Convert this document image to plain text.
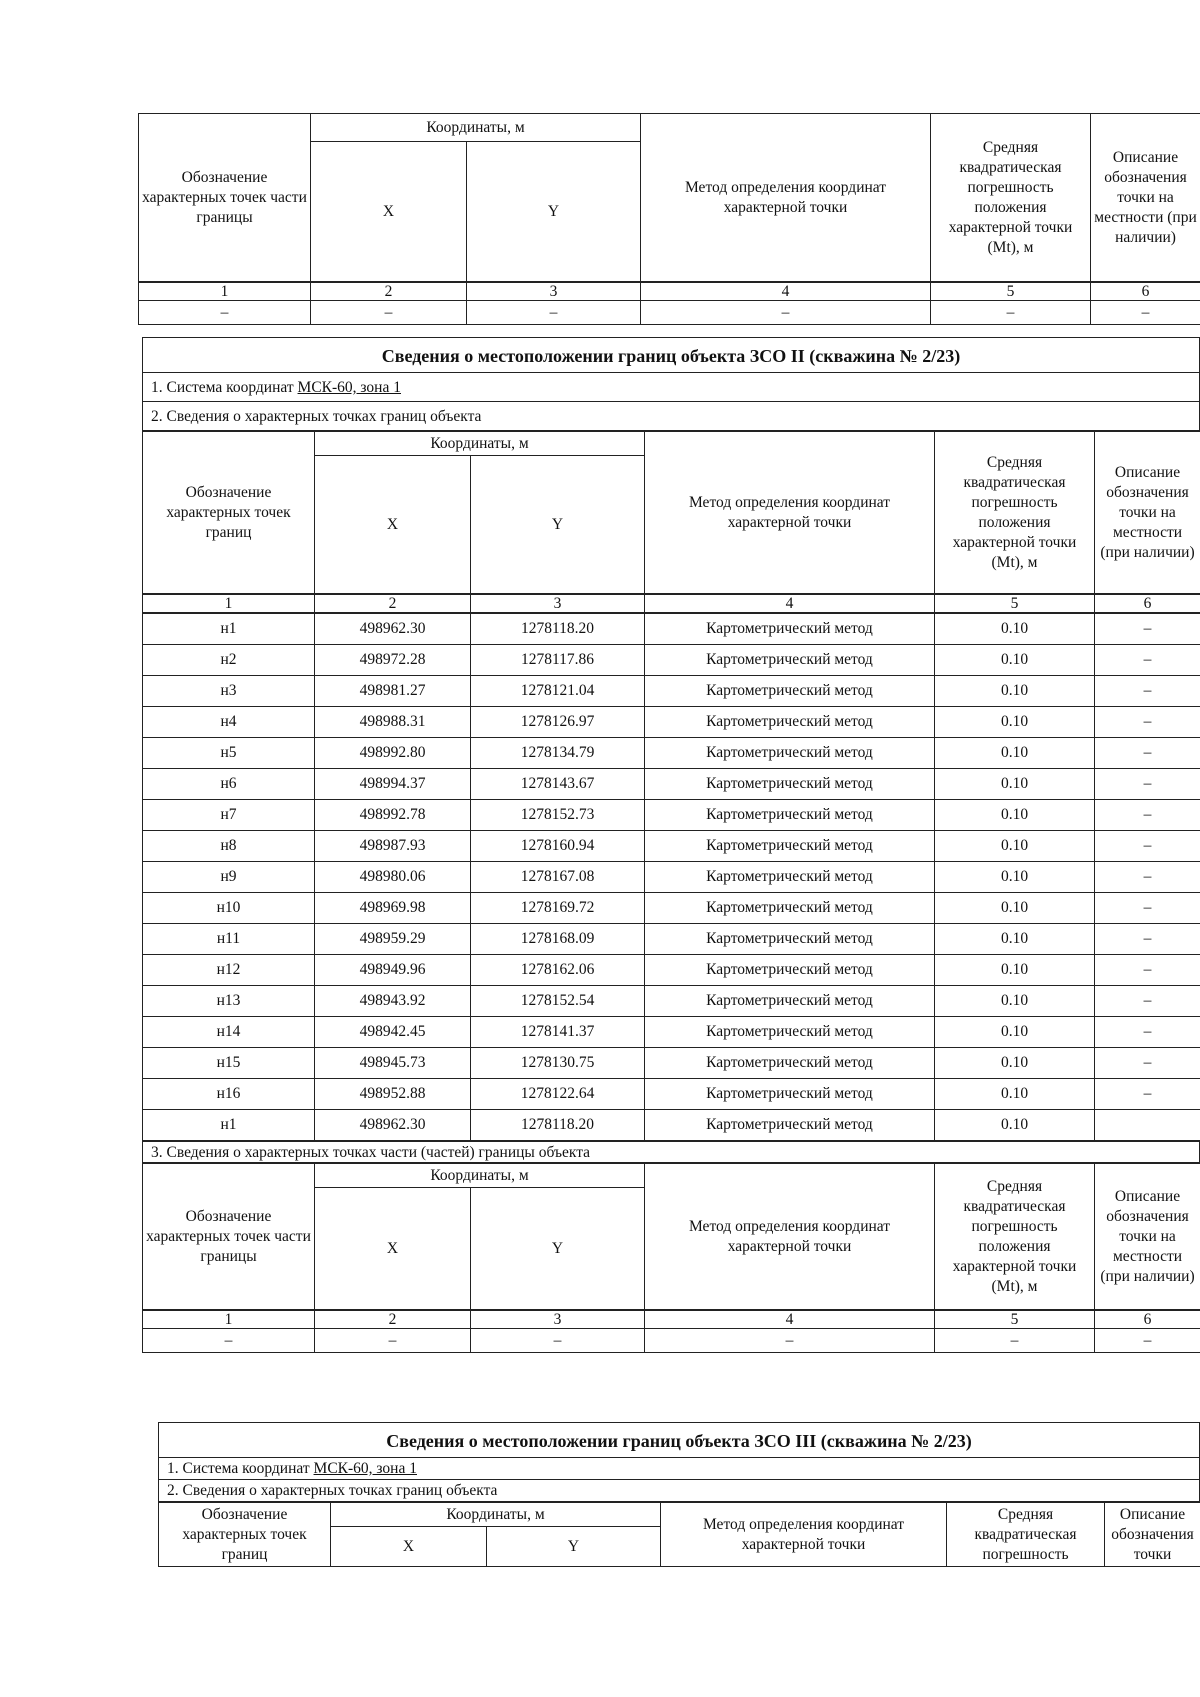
Обозначение характерных точек части границы	Координаты, м		Метод определения координат характерной точки	Средняя квадратическая погрешность положения характерной точки (Mt), м	Описание обозначения точки на местности (при наличии)
	X	Y			
1	2	3	4	5	6
–	–	–	–	–	–
Сведения о местоположении границ объекта ЗСО II (скважина № 2/23)
1. Система координат МСК-60, зона 1
2. Сведения о характерных точках границ объекта
Обозначение характерных точек границ	Координаты, м		Метод определения координат характерной точки	Средняя квадратическая погрешность положения характерной точки (Mt), м	Описание обозначения точки на местности (при наличии)
	X	Y			
1	2	3	4	5	6
н1	498962.30	1278118.20	Картометрический метод	0.10	–
н2	498972.28	1278117.86	Картометрический метод	0.10	–
н3	498981.27	1278121.04	Картометрический метод	0.10	–
н4	498988.31	1278126.97	Картометрический метод	0.10	–
н5	498992.80	1278134.79	Картометрический метод	0.10	–
н6	498994.37	1278143.67	Картометрический метод	0.10	–
н7	498992.78	1278152.73	Картометрический метод	0.10	–
н8	498987.93	1278160.94	Картометрический метод	0.10	–
н9	498980.06	1278167.08	Картометрический метод	0.10	–
н10	498969.98	1278169.72	Картометрический метод	0.10	–
н11	498959.29	1278168.09	Картометрический метод	0.10	–
н12	498949.96	1278162.06	Картометрический метод	0.10	–
н13	498943.92	1278152.54	Картометрический метод	0.10	–
н14	498942.45	1278141.37	Картометрический метод	0.10	–
н15	498945.73	1278130.75	Картометрический метод	0.10	–
н16	498952.88	1278122.64	Картометрический метод	0.10	–
н1	498962.30	1278118.20	Картометрический метод	0.10	
3. Сведения о характерных точках части (частей) границы объекта
Обозначение характерных точек части границы	Координаты, м		Метод определения координат характерной точки	Средняя квадратическая погрешность положения характерной точки (Mt), м	Описание обозначения точки на местности (при наличии)
	X	Y			
1	2	3	4	5	6
–	–	–	–	–	–
Сведения о местоположении границ объекта ЗСО III (скважина № 2/23)
1. Система координат МСК-60, зона 1
2. Сведения о характерных точках границ объекта
Обозначение характерных точек границ	Координаты, м		Метод определения координат характерной точки	Средняя квадратическая погрешность	Описание обозначения точки
	X	Y			
